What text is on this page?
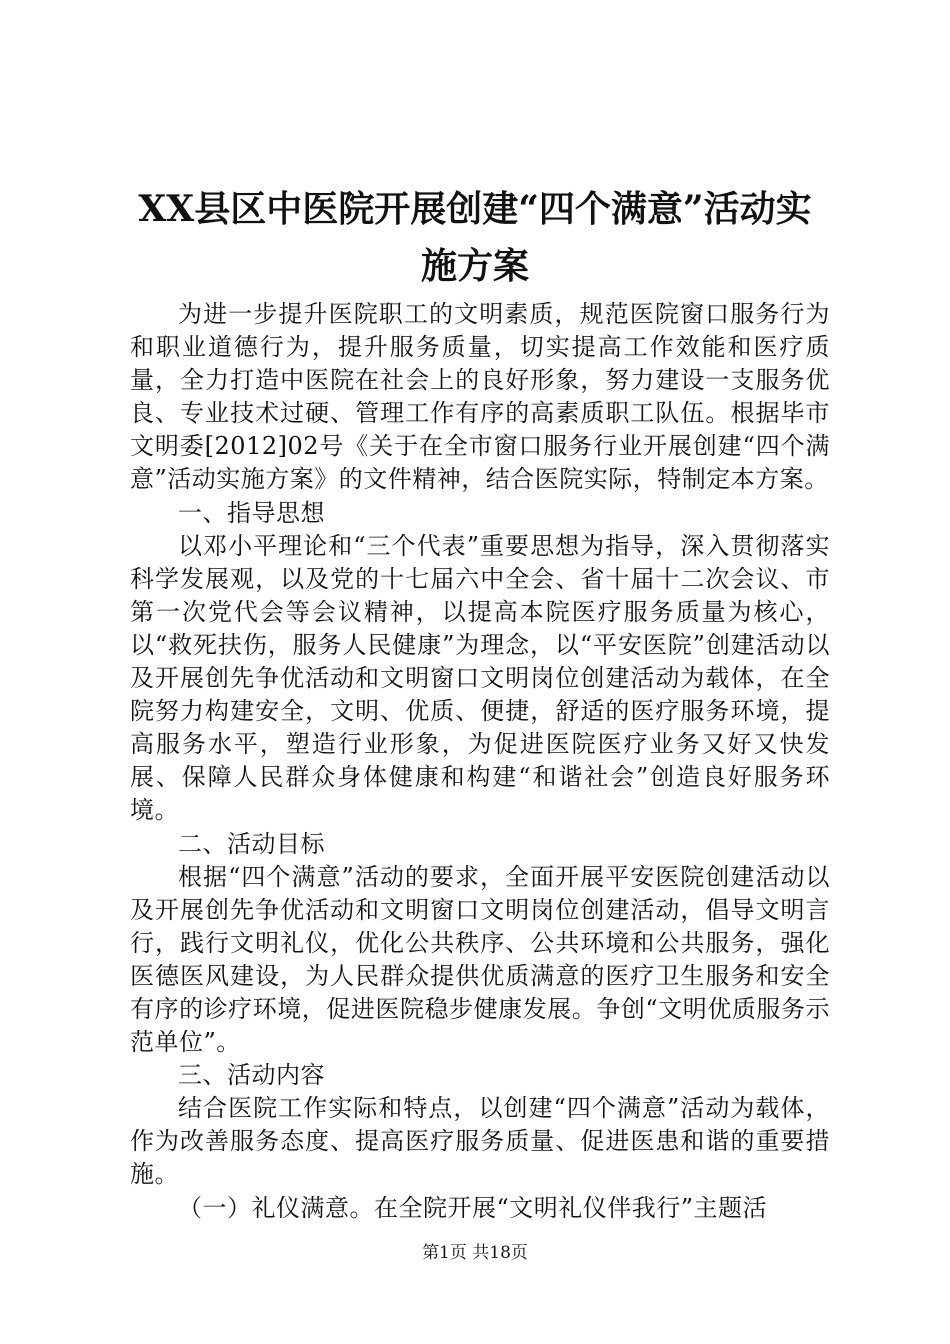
XX县区中医院开展创建“四个满意”活动实
施方案

为进一步提升医院职工的文明素质，规范医院窗口服务行为和职业道德行为，提升服务质量，切实提高工作效能和医疗质量，全力打造中医院在社会上的良好形象，努力建设一支服务优良、专业技术过硬、管理工作有序的高素质职工队伍。根据毕市文明委[2012]02号《关于在全市窗口服务行业开展创建“四个满意”活动实施方案》的文件精神，结合医院实际，特制定本方案。

一、指导思想

以邓小平理论和“三个代表”重要思想为指导，深入贯彻落实科学发展观，以及党的十七届六中全会、省十届十二次会议、市第一次党代会等会议精神，以提高本院医疗服务质量为核心，以“救死扶伤，服务人民健康”为理念，以“平安医院”创建活动以及开展创先争优活动和文明窗口文明岗位创建活动为载体，在全院努力构建安全，文明、优质、便捷，舒适的医疗服务环境，提高服务水平，塑造行业形象，为促进医院医疗业务又好又快发展、保障人民群众身体健康和构建“和谐社会”创造良好服务环境。

二、活动目标

根据“四个满意”活动的要求，全面开展平安医院创建活动以及开展创先争优活动和文明窗口文明岗位创建活动，倡导文明言行，践行文明礼仪，优化公共秩序、公共环境和公共服务，强化医德医风建设，为人民群众提供优质满意的医疗卫生服务和安全有序的诊疗环境，促进医院稳步健康发展。争创“文明优质服务示范单位”。

三、活动内容

结合医院工作实际和特点，以创建“四个满意”活动为载体，作为改善服务态度、提高医疗服务质量、促进医患和谐的重要措施。

（一）礼仪满意。在全院开展“文明礼仪伴我行”主题活

第1页 共18页
